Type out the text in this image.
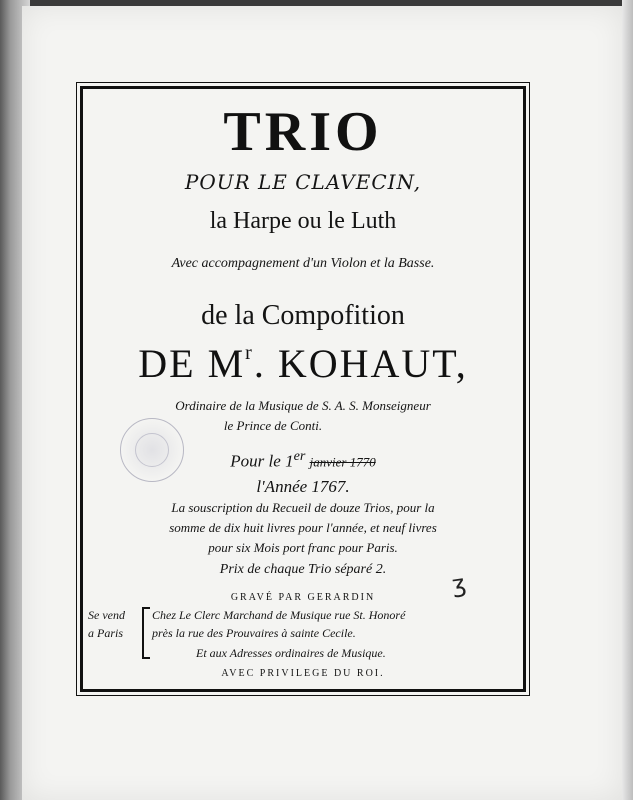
TRIO
POUR LE CLAVECIN,
la Harpe ou le Luth
Avec accompagnement d'un Violon et la Basse.
de la Compofition
DE $M^r$. KOHAUT,
Ordinaire de la Musique de S. A. S. Monseigneur
le Prince de Conti.
Pour le 1er janvier 1770
l'Année 1767.
La souscription du Recueil de douze Trios, pour la
somme de dix huit livres pour l'année, et neuf livres
pour six Mois port franc pour Paris.
Prix de chaque Trio séparé 2.	ʒ
GRAVÉ PAR GERARDIN
Se vend
a Paris
Chez Le Clerc Marchand de Musique rue St. Honoré
près la rue des Prouvaires à sainte Cecile.
Et aux Adresses ordinaires de Musique.
AVEC PRIVILEGE DU ROI.
